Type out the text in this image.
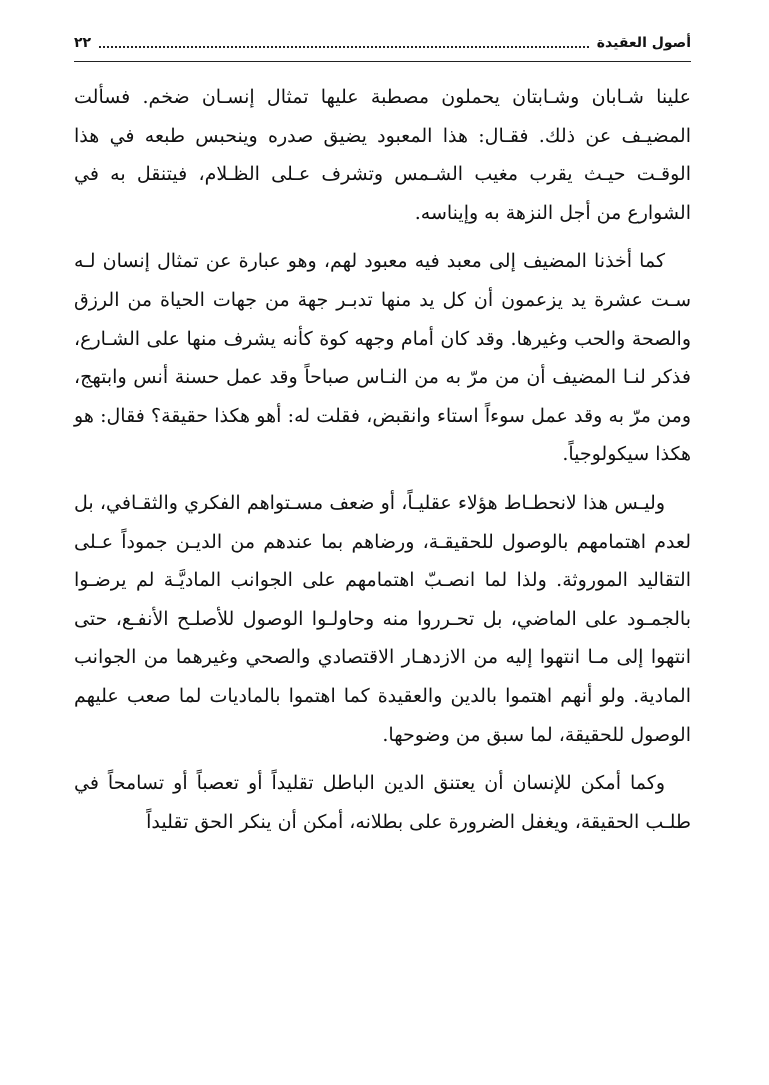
أصول العقيدة
٢٢

علينا شـابان وشـابتان يحملون مصطبة عليها تمثال إنسـان ضخم. فسألت المضيـف عن ذلك. فقـال: هذا المعبود يضيق صدره وينحبس طبعه في هذا الوقـت حيـث يقرب مغيب الشـمس وتشرف عـلى الظـلام، فيتنقل به في الشوارع من أجل النزهة به وإيناسه.

كما أخذنا المضيف إلى معبد فيه معبود لهم، وهو عبارة عن تمثال إنسان لـه سـت عشرة يد يزعمون أن كل يد منها تدبـر جهة من جهات الحياة من الرزق والصحة والحب وغيرها. وقد كان أمام وجهه كوة كأنه يشرف منها على الشـارع، فذكر لنـا المضيف أن من مرّ به من النـاس صباحاً وقد عمل حسنة أنس وابتهج، ومن مرّ به وقد عمل سوءاً استاء وانقبض، فقلت له: أهو هكذا حقيقة؟ فقال: هو هكذا سيكولوجياً.

وليـس هذا لانحطـاط هؤلاء عقليـاً، أو ضعف مسـتواهم الفكري والثقـافي، بل لعدم اهتمامهم بالوصول للحقيقـة، ورضاهم بما عندهم من الديـن جموداً عـلى التقاليد الموروثة. ولذا لما انصـبّ اهتمامهم على الجوانب الماديَّـة لم يرضـوا بالجمـود على الماضي، بل تحـرروا منه وحاولـوا الوصول للأصلـح الأنفـع، حتى انتهوا إلى مـا انتهوا إليه من الازدهـار الاقتصادي والصحي وغيرهما من الجوانب المادية. ولو أنهم اهتموا بالدين والعقيدة كما اهتموا بالماديات لما صعب عليهم الوصول للحقيقة، لما سبق من وضوحها.

وكما أمكن للإنسان أن يعتنق الدين الباطل تقليداً أو تعصباً أو تسامحاً في طلـب الحقيقة، ويغفل الضرورة على بطلانه، أمكن أن ينكر الحق تقليداً
